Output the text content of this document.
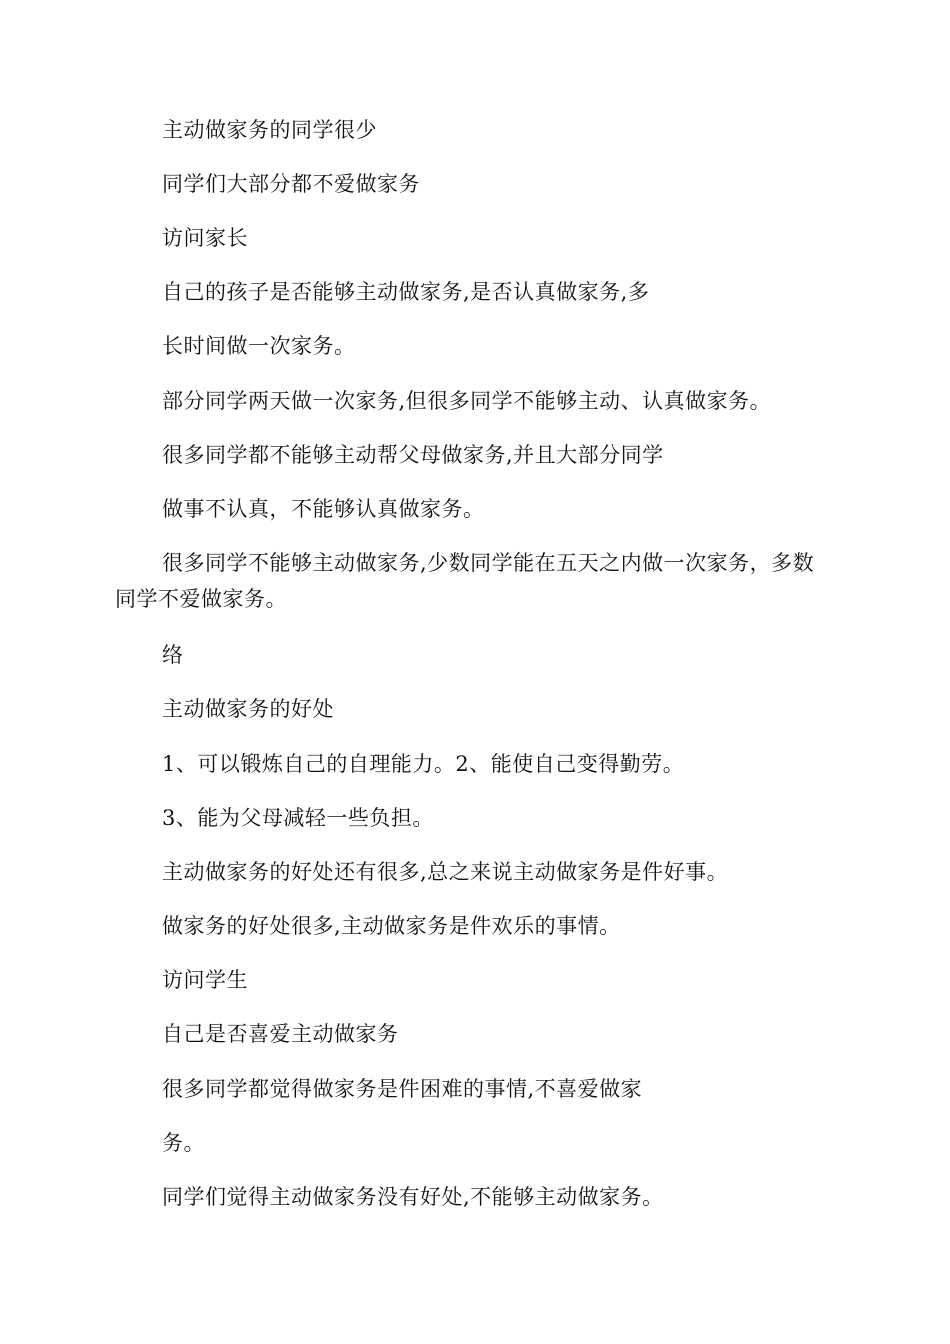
主动做家务的同学很少
同学们大部分都不爱做家务
访问家长
自己的孩子是否能够主动做家务,是否认真做家务,多
长时间做一次家务。
部分同学两天做一次家务,但很多同学不能够主动、认真做家务。
很多同学都不能够主动帮父母做家务,并且大部分同学
做事不认真，不能够认真做家务。
很多同学不能够主动做家务,少数同学能在五天之内做一次家务，多数同学不爱做家务。
络
主动做家务的好处
1、可以锻炼自己的自理能力。2、能使自己变得勤劳。
3、能为父母减轻一些负担。
主动做家务的好处还有很多,总之来说主动做家务是件好事。
做家务的好处很多,主动做家务是件欢乐的事情。
访问学生
自己是否喜爱主动做家务
很多同学都觉得做家务是件困难的事情,不喜爱做家
务。
同学们觉得主动做家务没有好处,不能够主动做家务。
